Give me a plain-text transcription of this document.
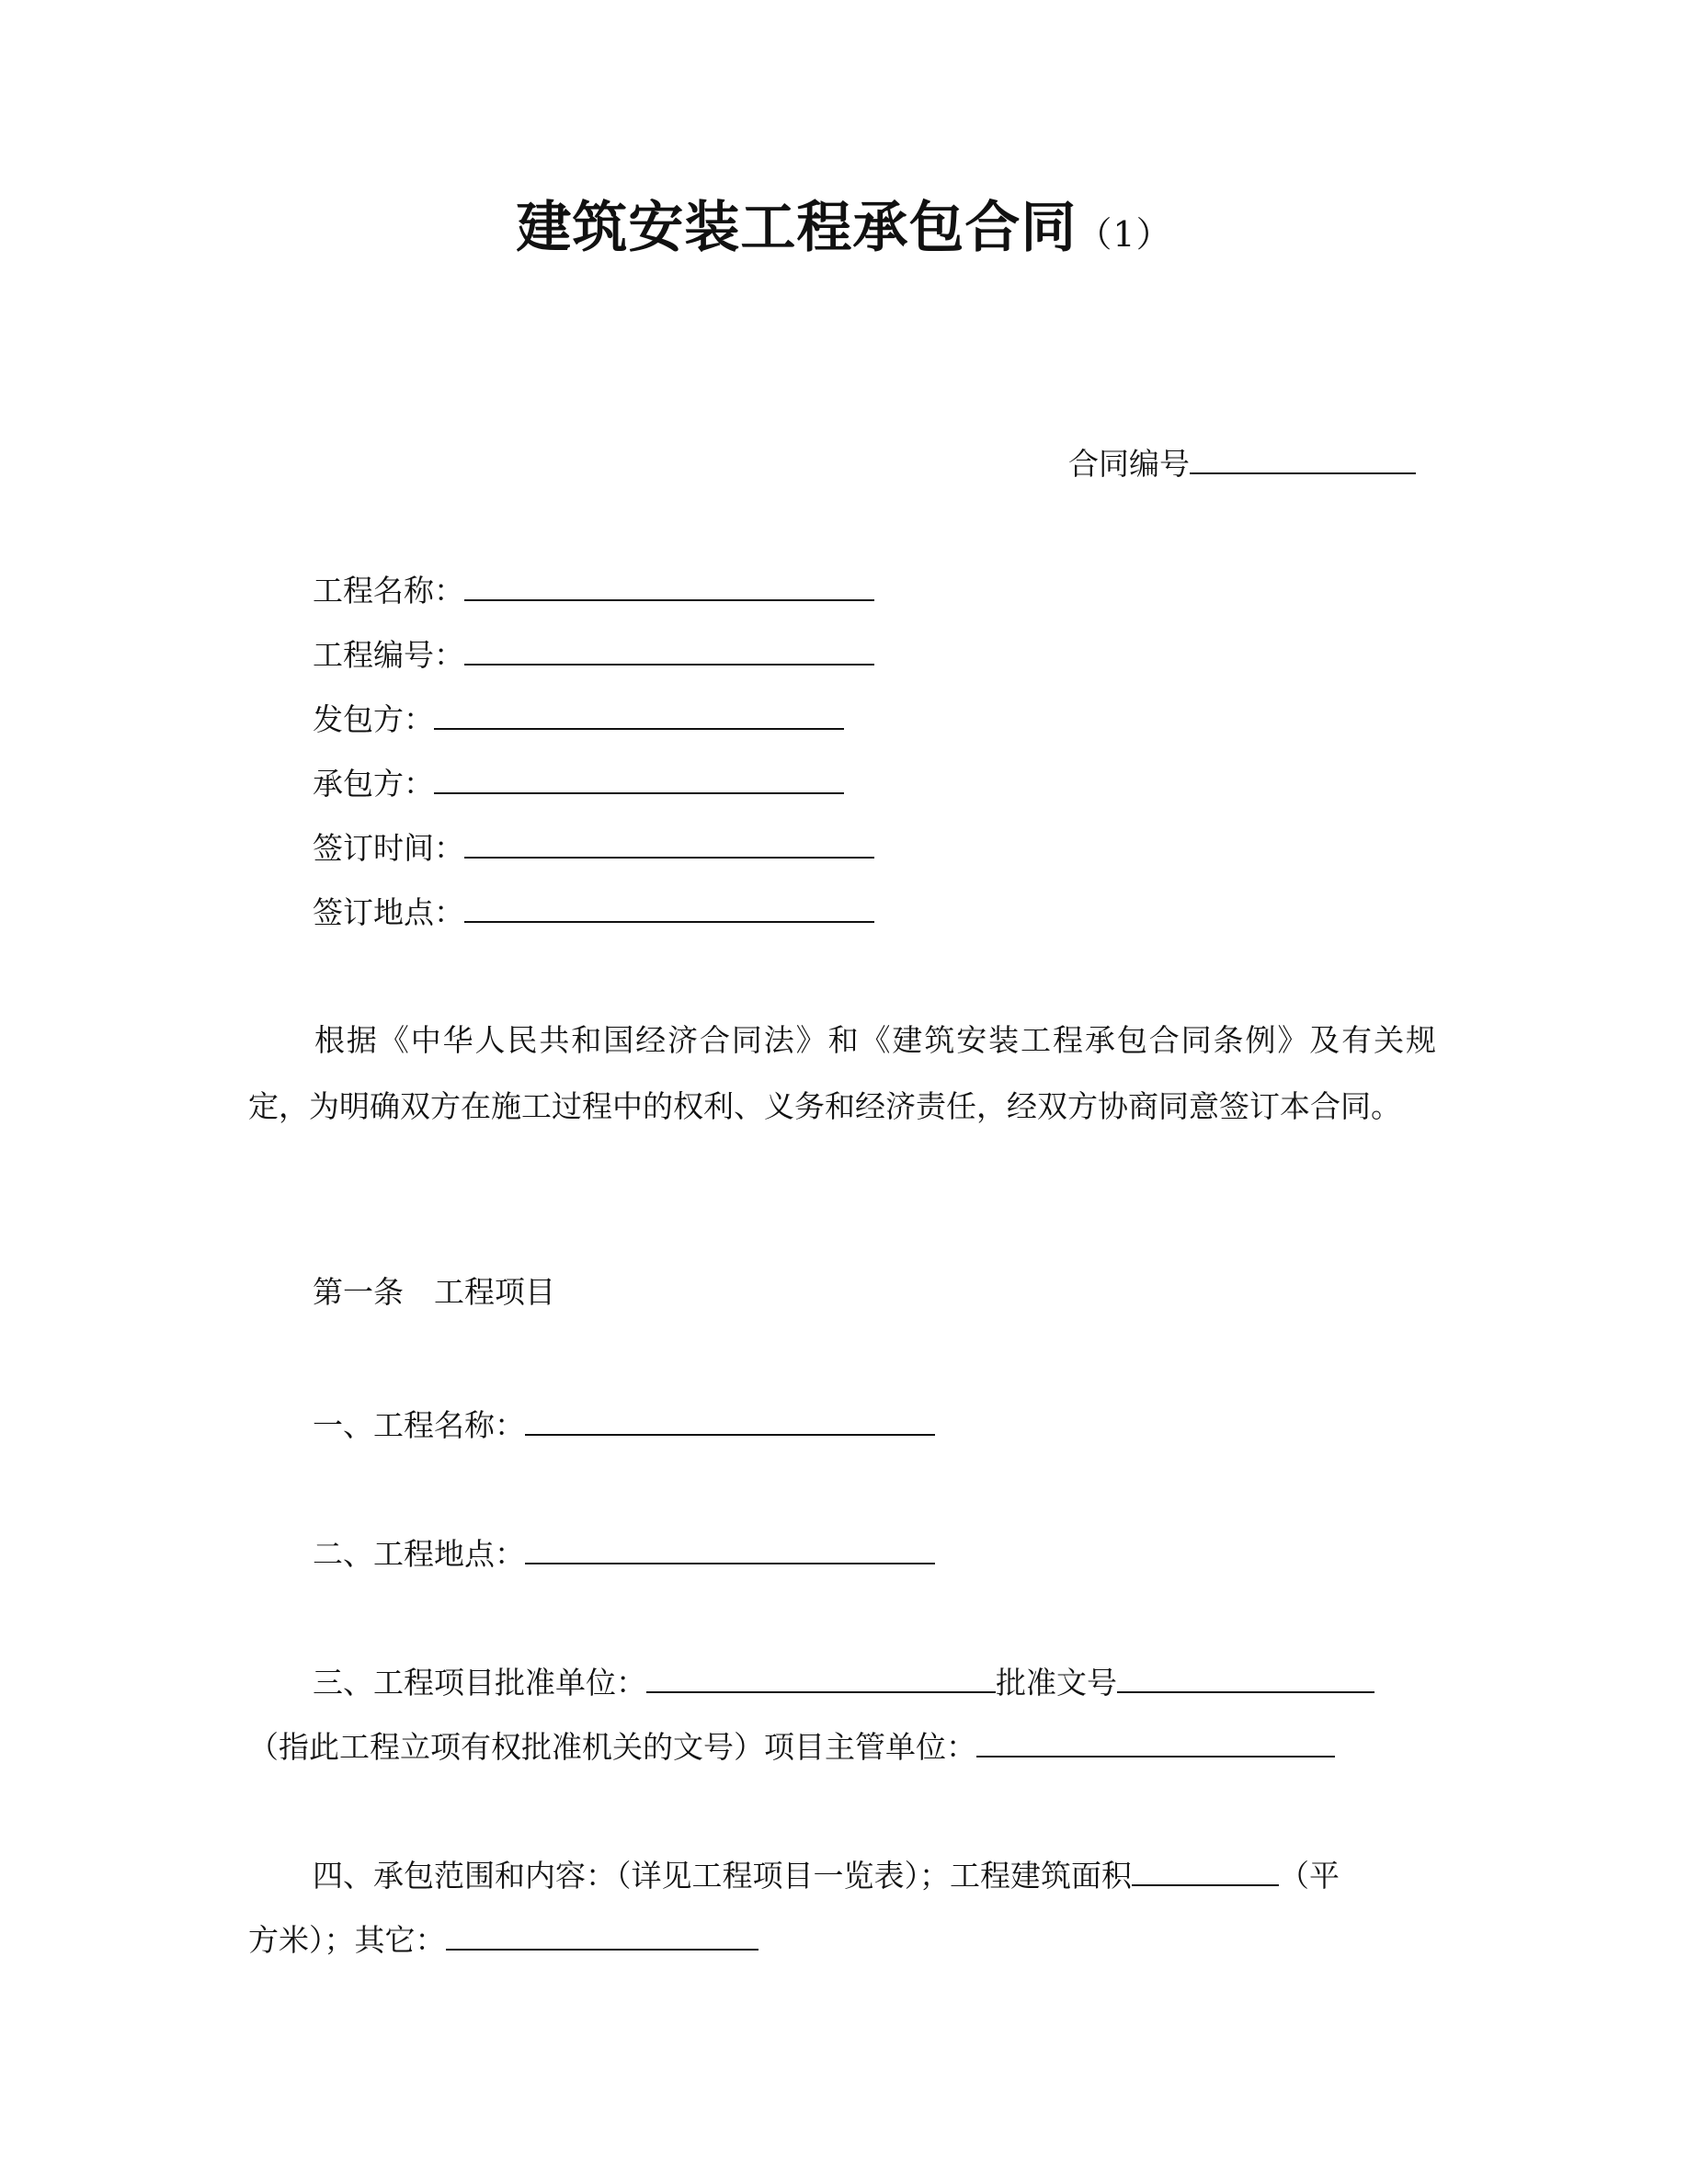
建筑安装工程承包合同（1）
合同编号
工程名称：
工程编号：
发包方：
承包方：
签订时间：
签订地点：

根据《中华人民共和国经济合同法》和《建筑安装工程承包合同条例》及有关规定，为明确双方在施工过程中的权利、义务和经济责任，经双方协商同意签订本合同。

第一条　工程项目
一、工程名称：
二、工程地点：
三、工程项目批准单位：	批准文号
（指此工程立项有权批准机关的文号）项目主管单位：
四、承包范围和内容：（详见工程项目一览表）；工程建筑面积	（平
方米）；其它：
